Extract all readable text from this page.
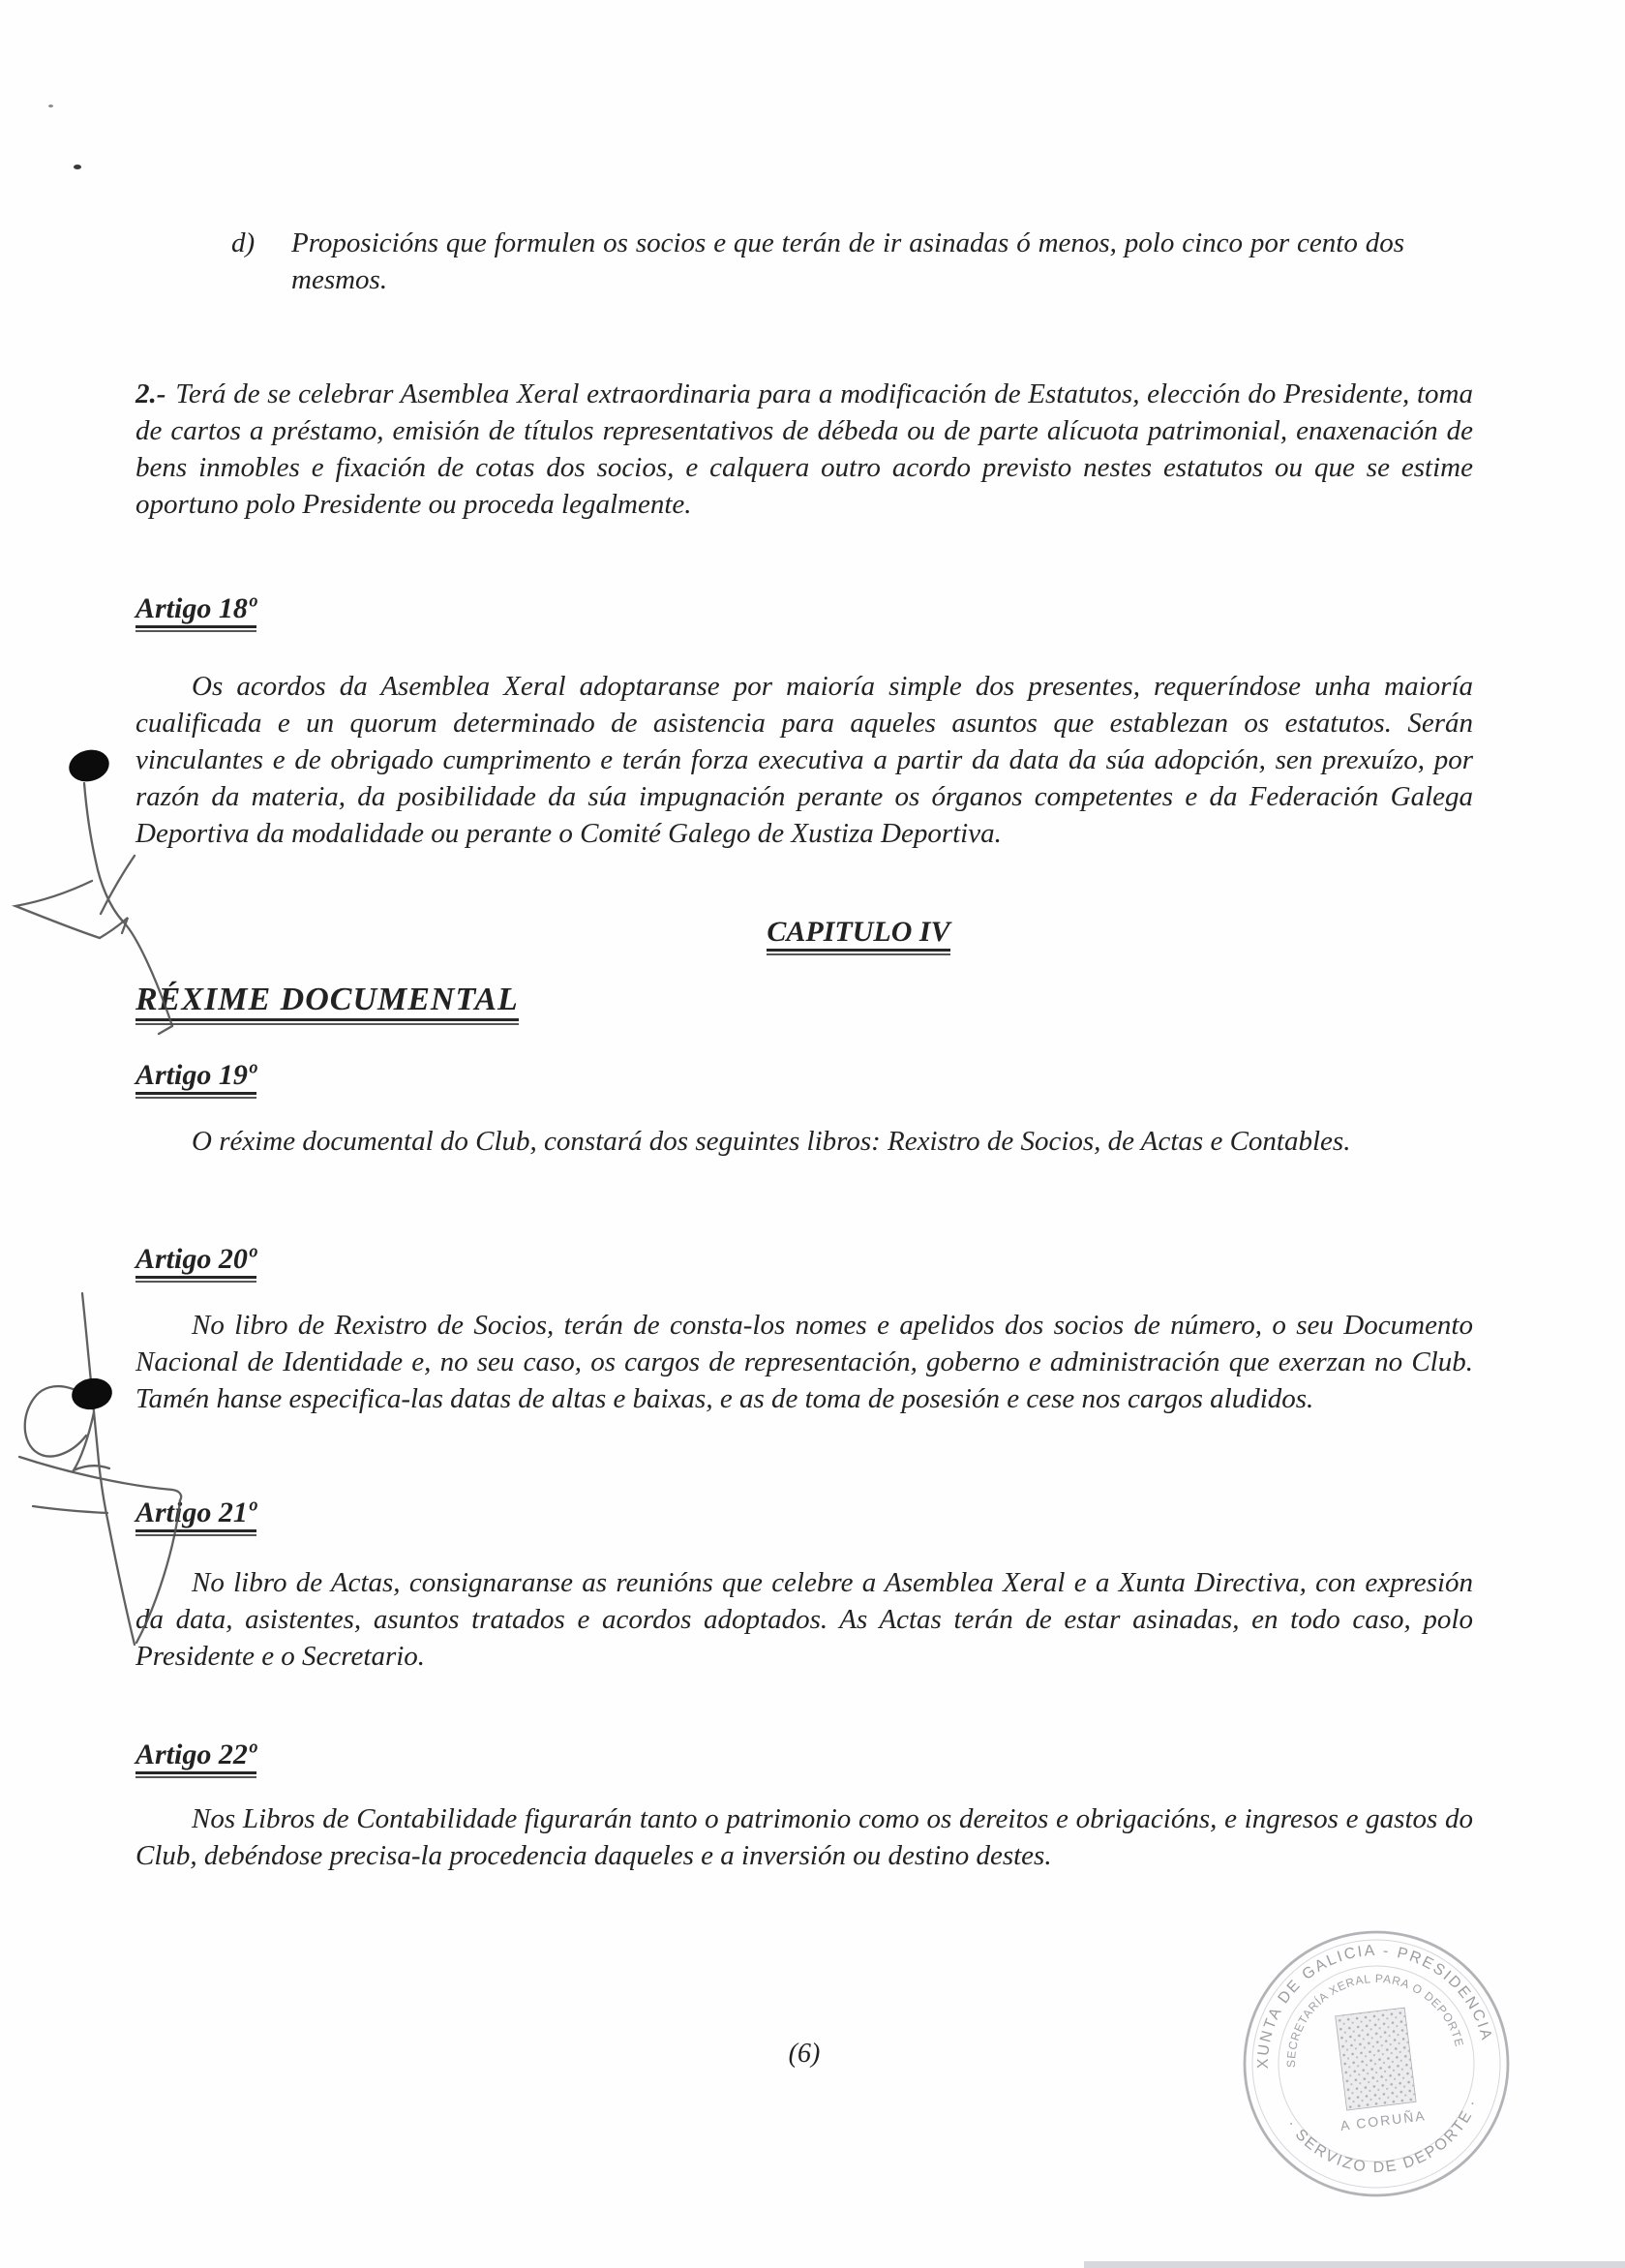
d)	Proposicións que formulen os socios e que terán de ir asinadas ó menos, polo cinco por cento dos mesmos.

2.- Terá de se celebrar Asemblea Xeral extraordinaria para a modificación de Estatutos, elección do Presidente, toma de cartos a préstamo, emisión de títulos representativos de débeda ou de parte alícuota patrimonial, enaxenación de bens inmobles e fixación de cotas dos socios, e calquera outro acordo previsto nestes estatutos ou que se estime oportuno polo Presidente ou proceda legalmente.

Artigo 18º

Os acordos da Asemblea Xeral adoptaranse por maioría simple dos presentes, requeríndose unha maioría cualificada e un quorum determinado de asistencia para aqueles asuntos que establezan os estatutos. Serán vinculantes e de obrigado cumprimento e terán forza executiva a partir da data da súa adopción, sen prexuízo, por razón da materia, da posibilidade da súa impugnación perante os órganos competentes e da Federación Galega Deportiva da modalidade ou perante o Comité Galego de Xustiza Deportiva.

CAPITULO IV
RÉXIME DOCUMENTAL
Artigo 19º

O réxime documental do Club, constará dos seguintes libros: Rexistro de Socios, de Actas e Contables.

Artigo 20º

No libro de Rexistro de Socios, terán de consta-los nomes e apelidos dos socios de número, o seu Documento Nacional de Identidade e, no seu caso, os cargos de representación, goberno e administración que exerzan no Club. Tamén hanse especifica-las datas de altas e baixas, e as de toma de posesión e cese nos cargos aludidos.

Artigo 21º

No libro de Actas, consignaranse as reunións que celebre a Asemblea Xeral e a Xunta Directiva, con expresión da data, asistentes, asuntos tratados e acordos adoptados. As Actas terán de estar asinadas, en todo caso, polo Presidente e o Secretario.

Artigo 22º

Nos Libros de Contabilidade figurarán tanto o patrimonio como os dereitos e obrigacións, e ingresos e gastos do Club, debéndose precisa-la procedencia daqueles e a inversión ou destino destes.

(6)	XUNTA DE GALICIA - PRESIDENCIA
· SERVIZO DE DEPORTE ·
SECRETARÍA XERAL PARA O DEPORTE
A CORUÑA
